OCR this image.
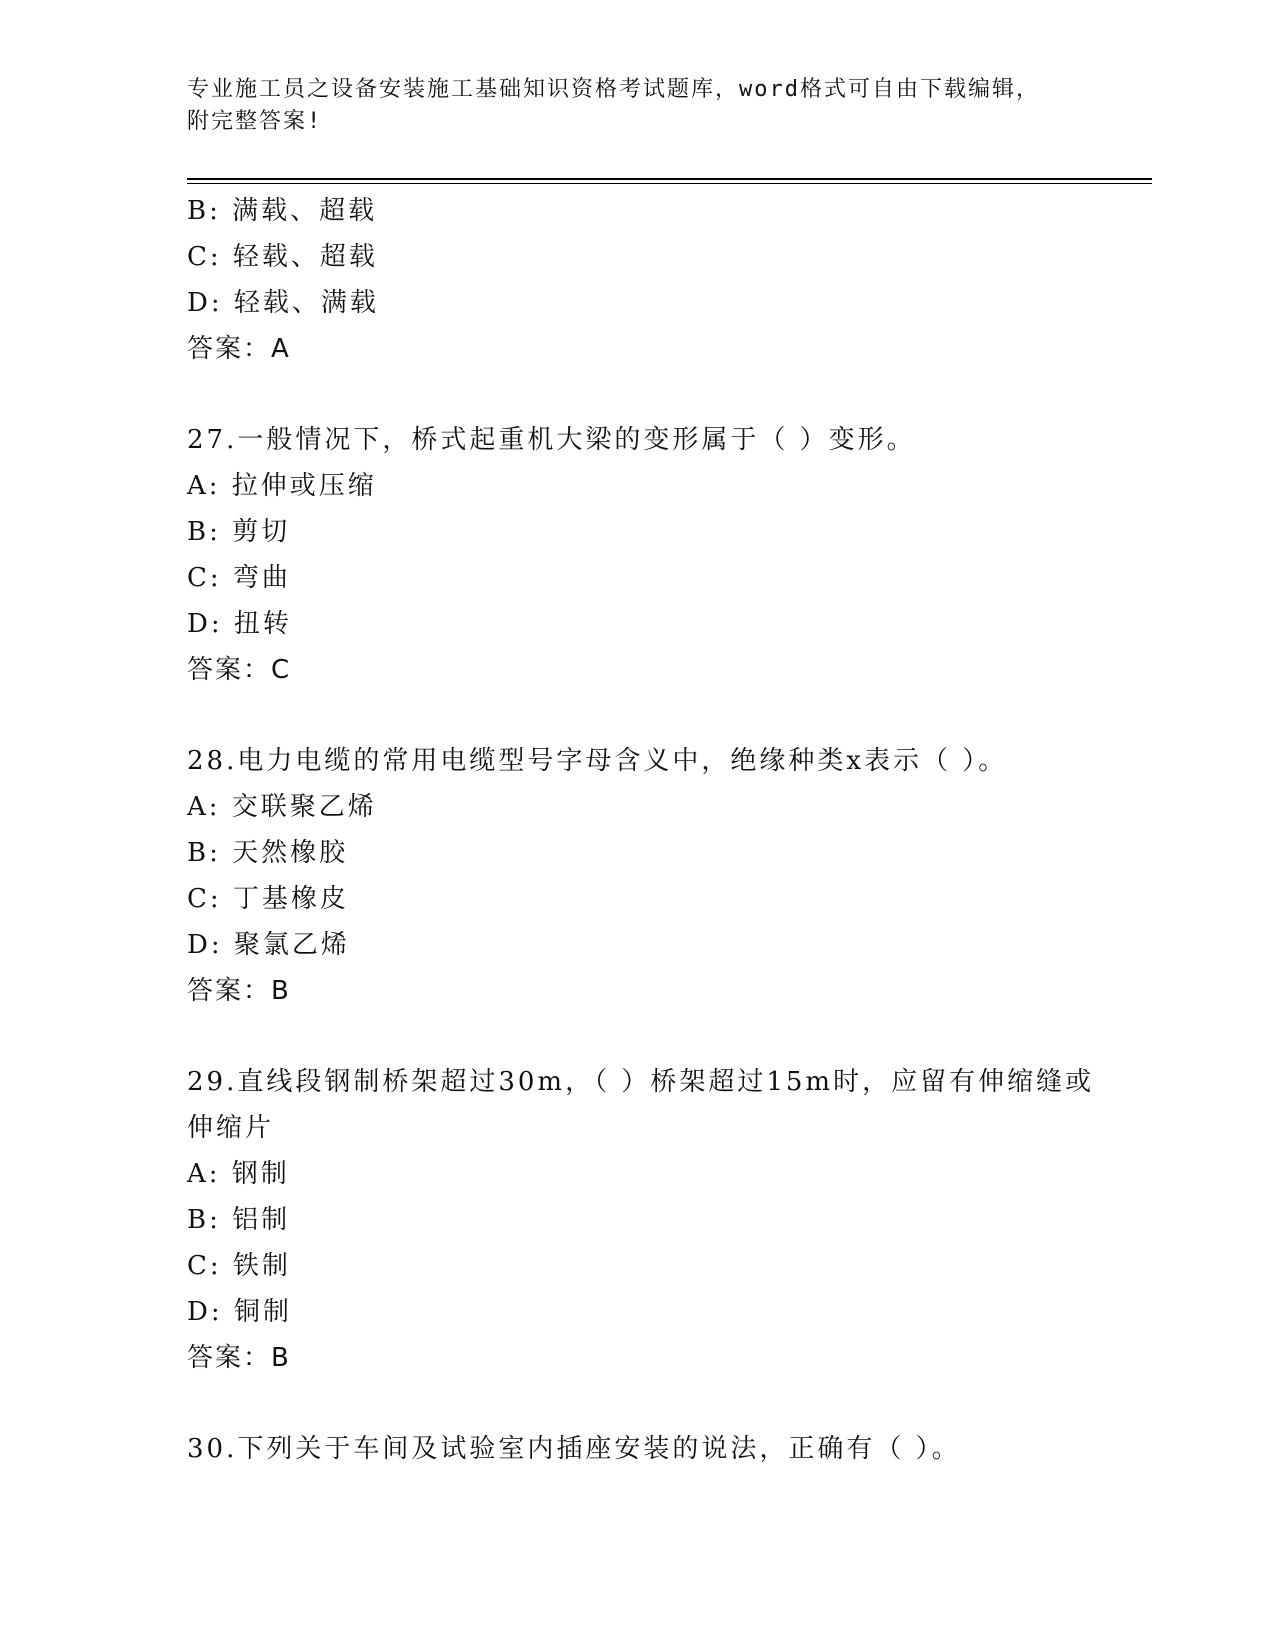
专业施工员之设备安装施工基础知识资格考试题库，word格式可自由下载编辑，
附完整答案!
B: 满载、超载
C: 轻载、超载
D: 轻载、满载
答案：A
27.一般情况下，桥式起重机大梁的变形属于（ ）变形。
A: 拉伸或压缩
B: 剪切
C: 弯曲
D: 扭转
答案：C
28.电力电缆的常用电缆型号字母含义中，绝缘种类x表示（ ）。
A: 交联聚乙烯
B: 天然橡胶
C: 丁基橡皮
D: 聚氯乙烯
答案：B
29.直线段钢制桥架超过30m，（ ）桥架超过15m时，应留有伸缩缝或
伸缩片
A: 钢制
B: 铝制
C: 铁制
D: 铜制
答案：B
30.下列关于车间及试验室内插座安装的说法，正确有（ ）。
